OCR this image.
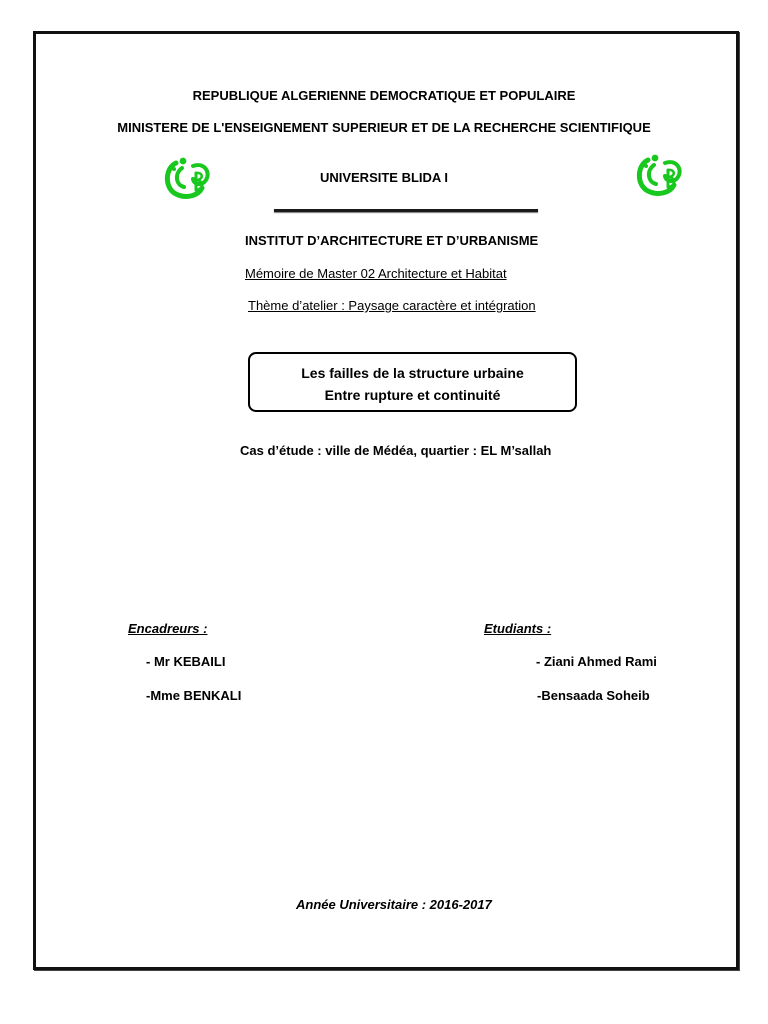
REPUBLIQUE ALGERIENNE DEMOCRATIQUE ET POPULAIRE
MINISTERE DE L'ENSEIGNEMENT SUPERIEUR ET DE LA RECHERCHE SCIENTIFIQUE
UNIVERSITE BLIDA I
INSTITUT D’ARCHITECTURE ET D’URBANISME
Mémoire de Master 02 Architecture et Habitat
Thème d’atelier : Paysage caractère et intégration
Les failles de la structure urbaine
Entre rupture et continuité
Cas d’étude : ville de Médéa, quartier : EL M’sallah
Encadreurs :
- Mr KEBAILI
-Mme BENKALI
Etudiants :
- Ziani Ahmed Rami
-Bensaada Soheib
Année Universitaire : 2016-2017
